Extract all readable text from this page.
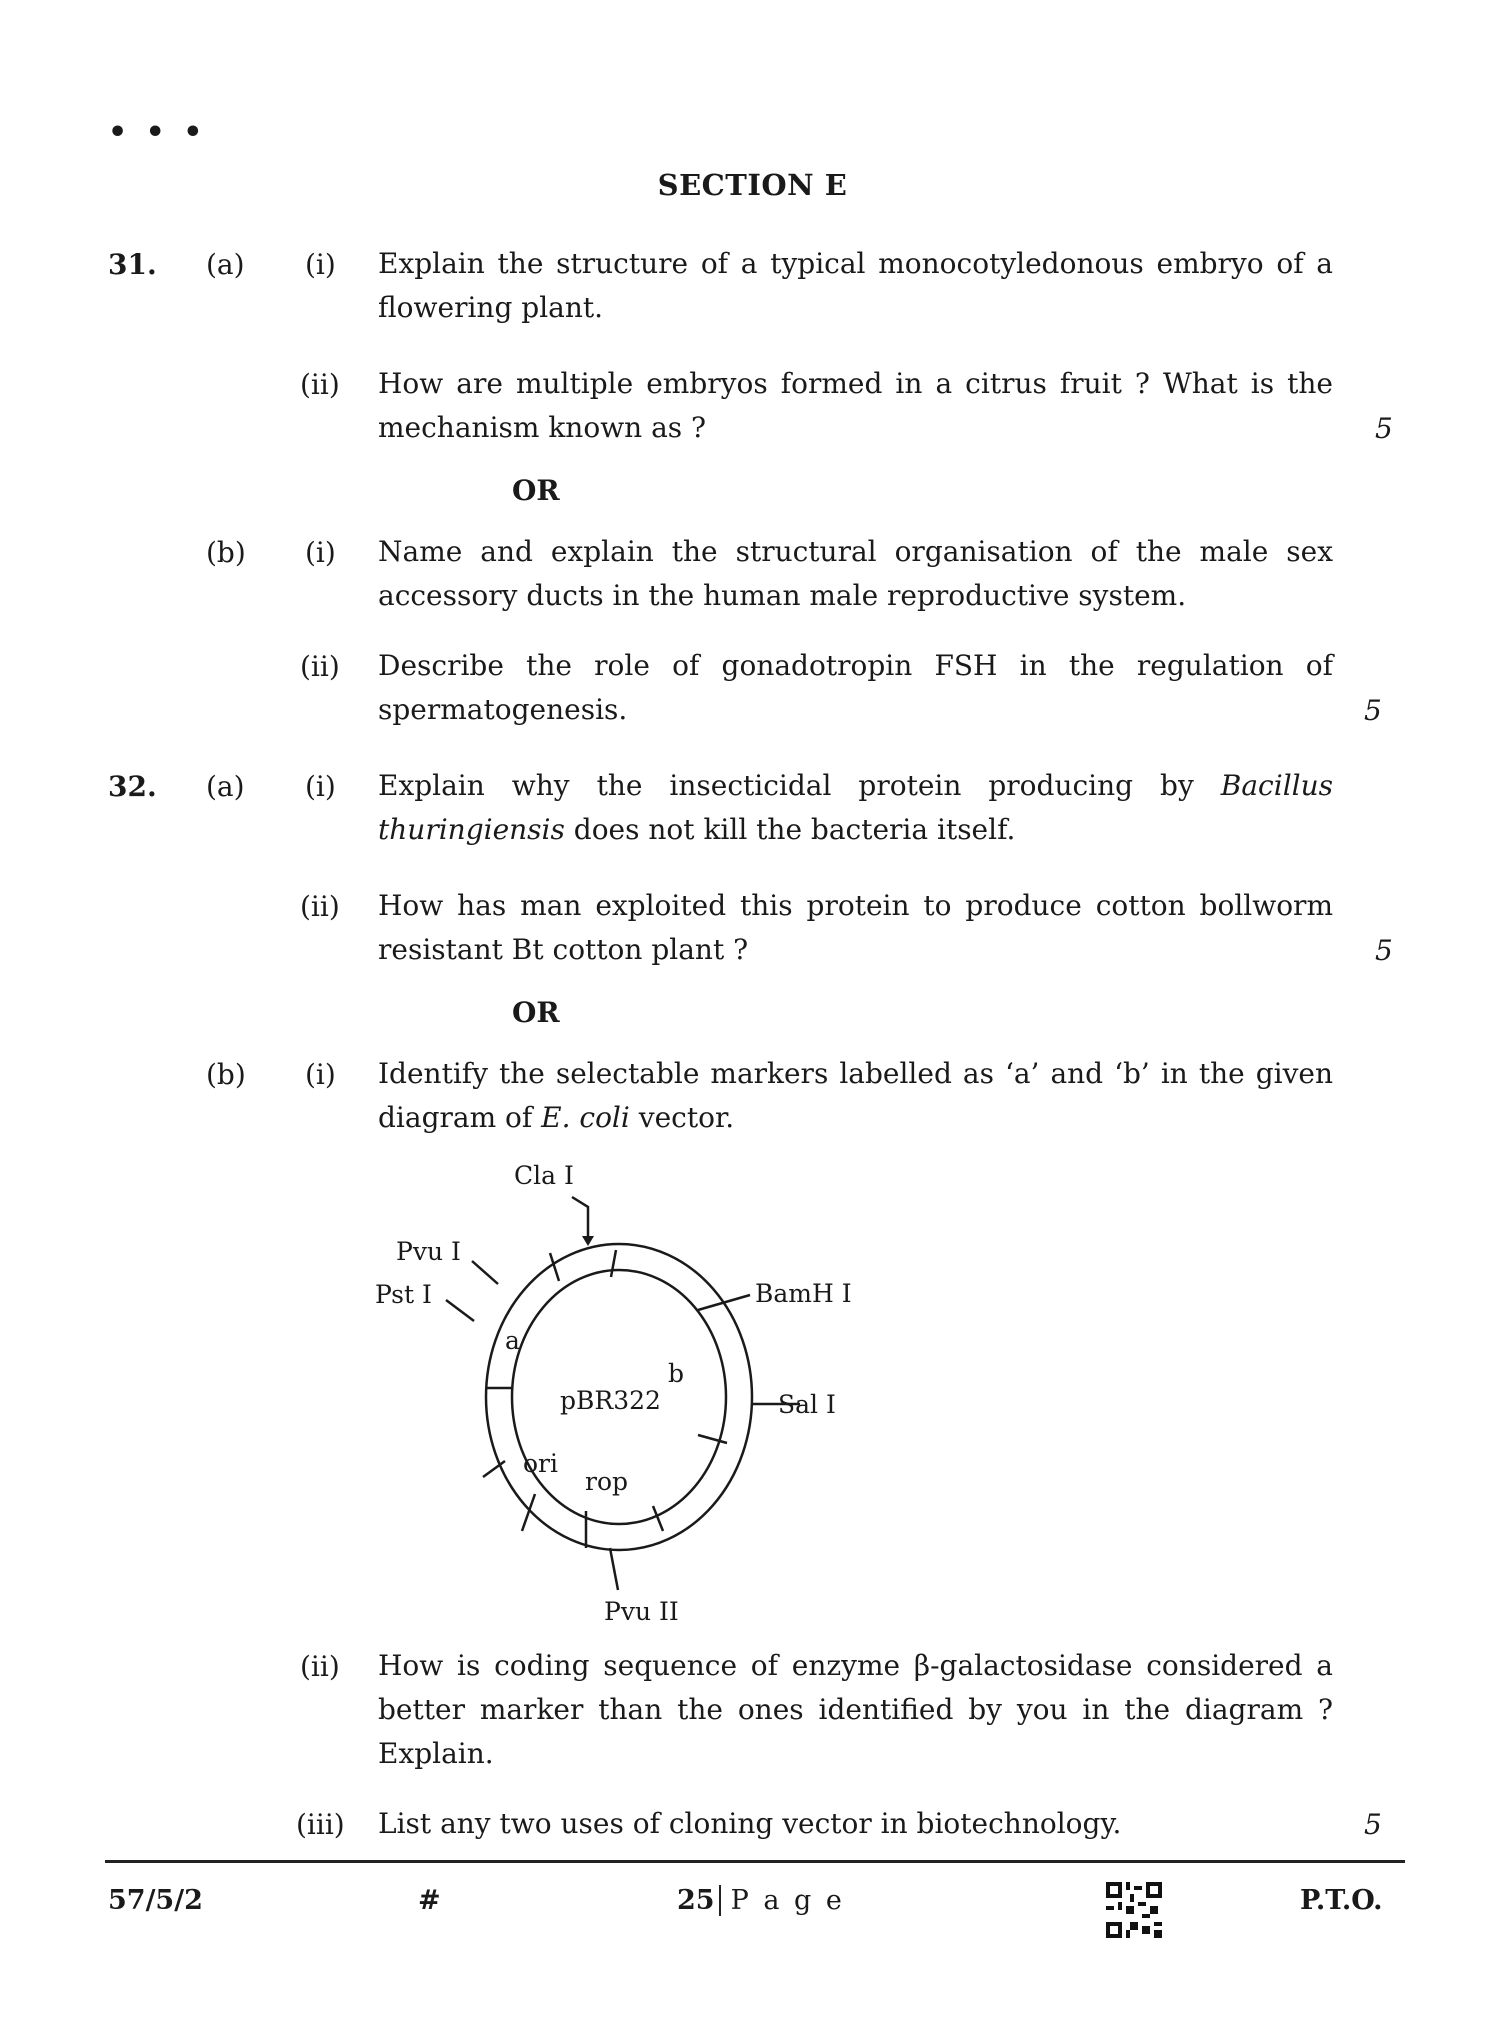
• • •
SECTION E
31. (a) (i) Explain the structure of a typical monocotyledonous embryo of a flowering plant.
(ii) How are multiple embryos formed in a citrus fruit ? What is the mechanism known as ?	5
OR
(b) (i) Name and explain the structural organisation of the male sex accessory ducts in the human male reproductive system.
(ii) Describe the role of gonadotropin FSH in the regulation of spermatogenesis.	5
32. (a) (i) Explain why the insecticidal protein producing by Bacillus thuringiensis does not kill the bacteria itself.
(ii) How has man exploited this protein to produce cotton bollworm resistant Bt cotton plant ?	5
OR
(b) (i) Identify the selectable markers labelled as ‘a’ and ‘b’ in the given diagram of E. coli vector.
Cla I
Pvu I
Pst I	BamH I
Sal I
Pvu II
a
b
pBR322
ori
rop
(ii) How is coding sequence of enzyme β-galactosidase considered a better marker than the ones identified by you in the diagram ? Explain.
(iii) List any two uses of cloning vector in biotechnology.	5
57/5/2	#	25 P a g e	P.T.O.
